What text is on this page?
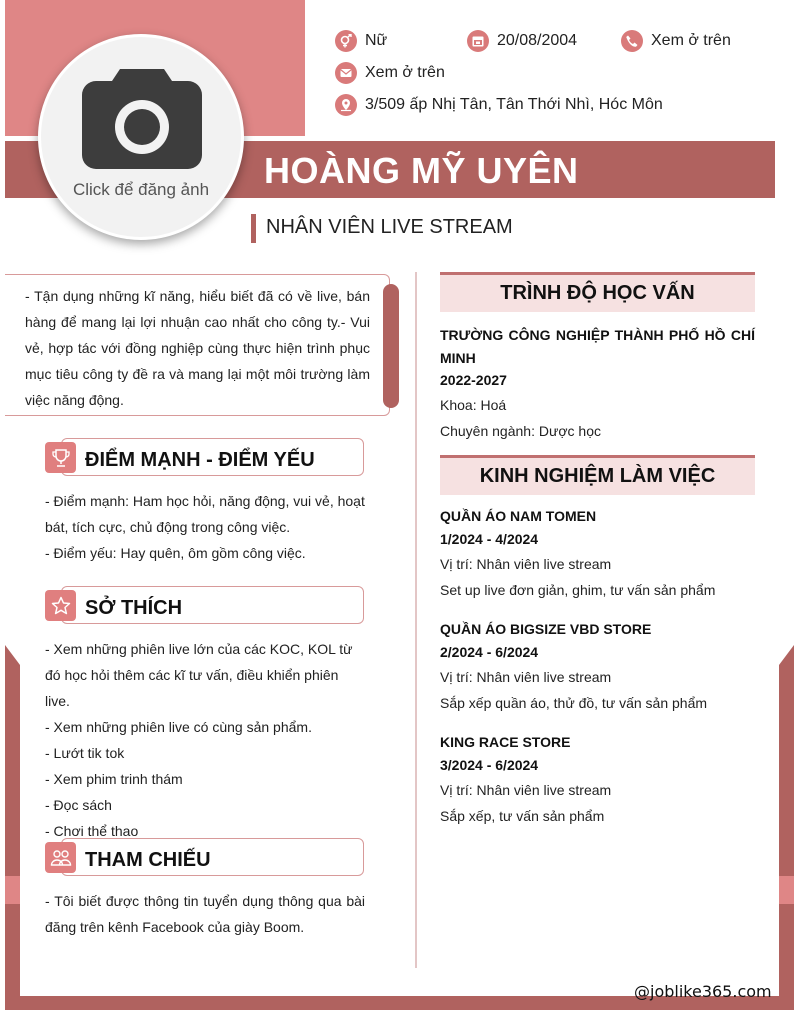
Click để đăng ảnh
Nữ	20/08/2004	Xem ở trên
Xem ở trên
3/509 ấp Nhị Tân, Tân Thới Nhì, Hóc Môn
HOÀNG MỸ UYÊN
NHÂN VIÊN LIVE STREAM
- Tận dụng những kĩ năng, hiểu biết đã có về live, bán hàng để mang lại lợi nhuận cao nhất cho công ty.- Vui vẻ, hợp tác với đồng nghiệp cùng thực hiện trình phục mục tiêu công ty đề ra và mang lại một môi trường làm việc năng động.
ĐIỂM MẠNH - ĐIỂM YẾU
- Điểm mạnh: Ham học hỏi, năng động, vui vẻ, hoạt bát, tích cực, chủ động trong công việc.
- Điểm yếu: Hay quên, ôm gồm công việc.
SỞ THÍCH
- Xem những phiên live lớn của các KOC, KOL từ đó học hỏi thêm các kĩ tư vấn, điều khiển phiên live.
- Xem những phiên live có cùng sản phẩm.
- Lướt tik tok
- Xem phim trinh thám
- Đọc sách
- Chơi thể thao
THAM CHIẾU
- Tôi biết được thông tin tuyển dụng thông qua bài đăng trên kênh Facebook của giày Boom.
TRÌNH ĐỘ HỌC VẤN
TRƯỜNG CÔNG NGHIỆP THÀNH PHỐ HỒ CHÍ MINH
2022-2027
Khoa: Hoá
Chuyên ngành: Dược học
KINH NGHIỆM LÀM VIỆC
QUẦN ÁO NAM TOMEN
1/2024 - 4/2024
Vị trí: Nhân viên live stream
Set up live đơn giản, ghim, tư vấn sản phẩm
QUẦN ÁO BIGSIZE VBD STORE
2/2024 - 6/2024
Vị trí: Nhân viên live stream
Sắp xếp quần áo, thử đồ, tư vấn sản phẩm
KING RACE STORE
3/2024 - 6/2024
Vị trí: Nhân viên live stream
Sắp xếp, tư vấn sản phẩm
@joblike365.com
